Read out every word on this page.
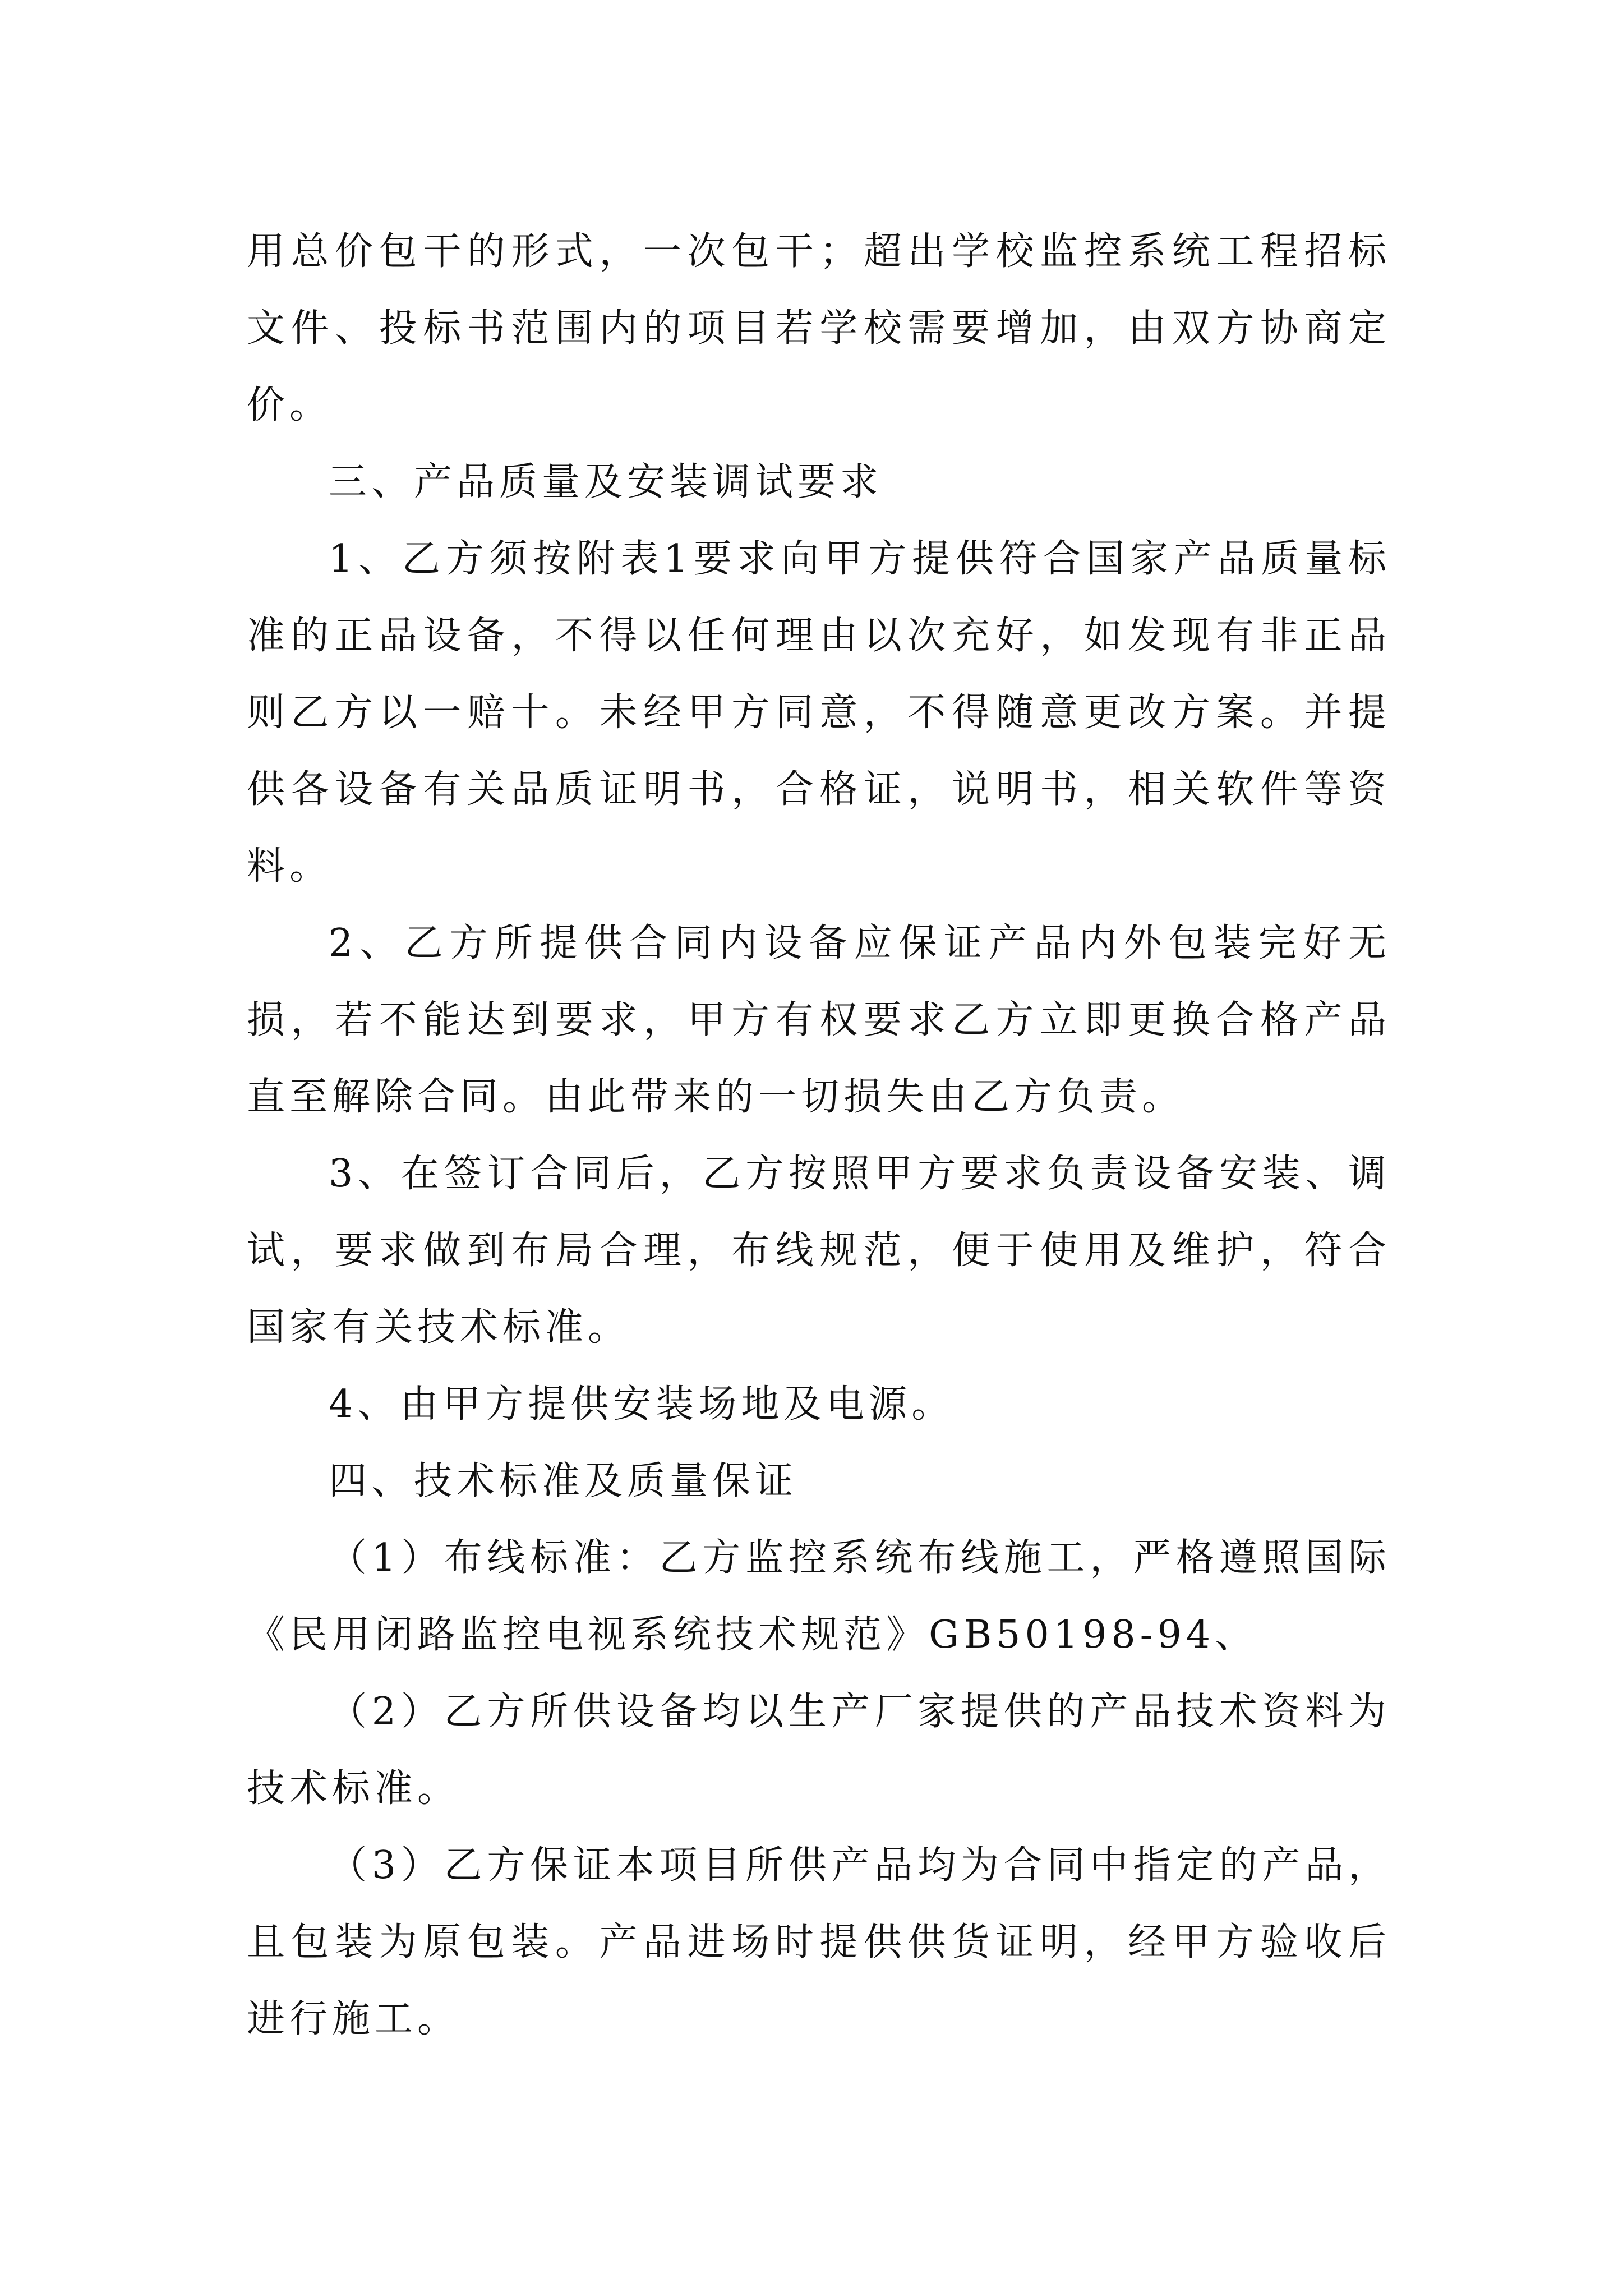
用总价包干的形式，一次包干；超出学校监控系统工程招标文件、投标书范围内的项目若学校需要增加，由双方协商定价。

三、产品质量及安装调试要求

1、乙方须按附表1要求向甲方提供符合国家产品质量标准的正品设备，不得以任何理由以次充好，如发现有非正品则乙方以一赔十。未经甲方同意，不得随意更改方案。并提供各设备有关品质证明书，合格证，说明书，相关软件等资料。

2、乙方所提供合同内设备应保证产品内外包装完好无损，若不能达到要求，甲方有权要求乙方立即更换合格产品直至解除合同。由此带来的一切损失由乙方负责。

3、在签订合同后，乙方按照甲方要求负责设备安装、调试，要求做到布局合理，布线规范，便于使用及维护，符合国家有关技术标准。

4、由甲方提供安装场地及电源。

四、技术标准及质量保证

（1）布线标准：乙方监控系统布线施工，严格遵照国际《民用闭路监控电视系统技术规范》GB50198-94、

（2）乙方所供设备均以生产厂家提供的产品技术资料为技术标准。

（3）乙方保证本项目所供产品均为合同中指定的产品，且包装为原包装。产品进场时提供供货证明，经甲方验收后进行施工。
